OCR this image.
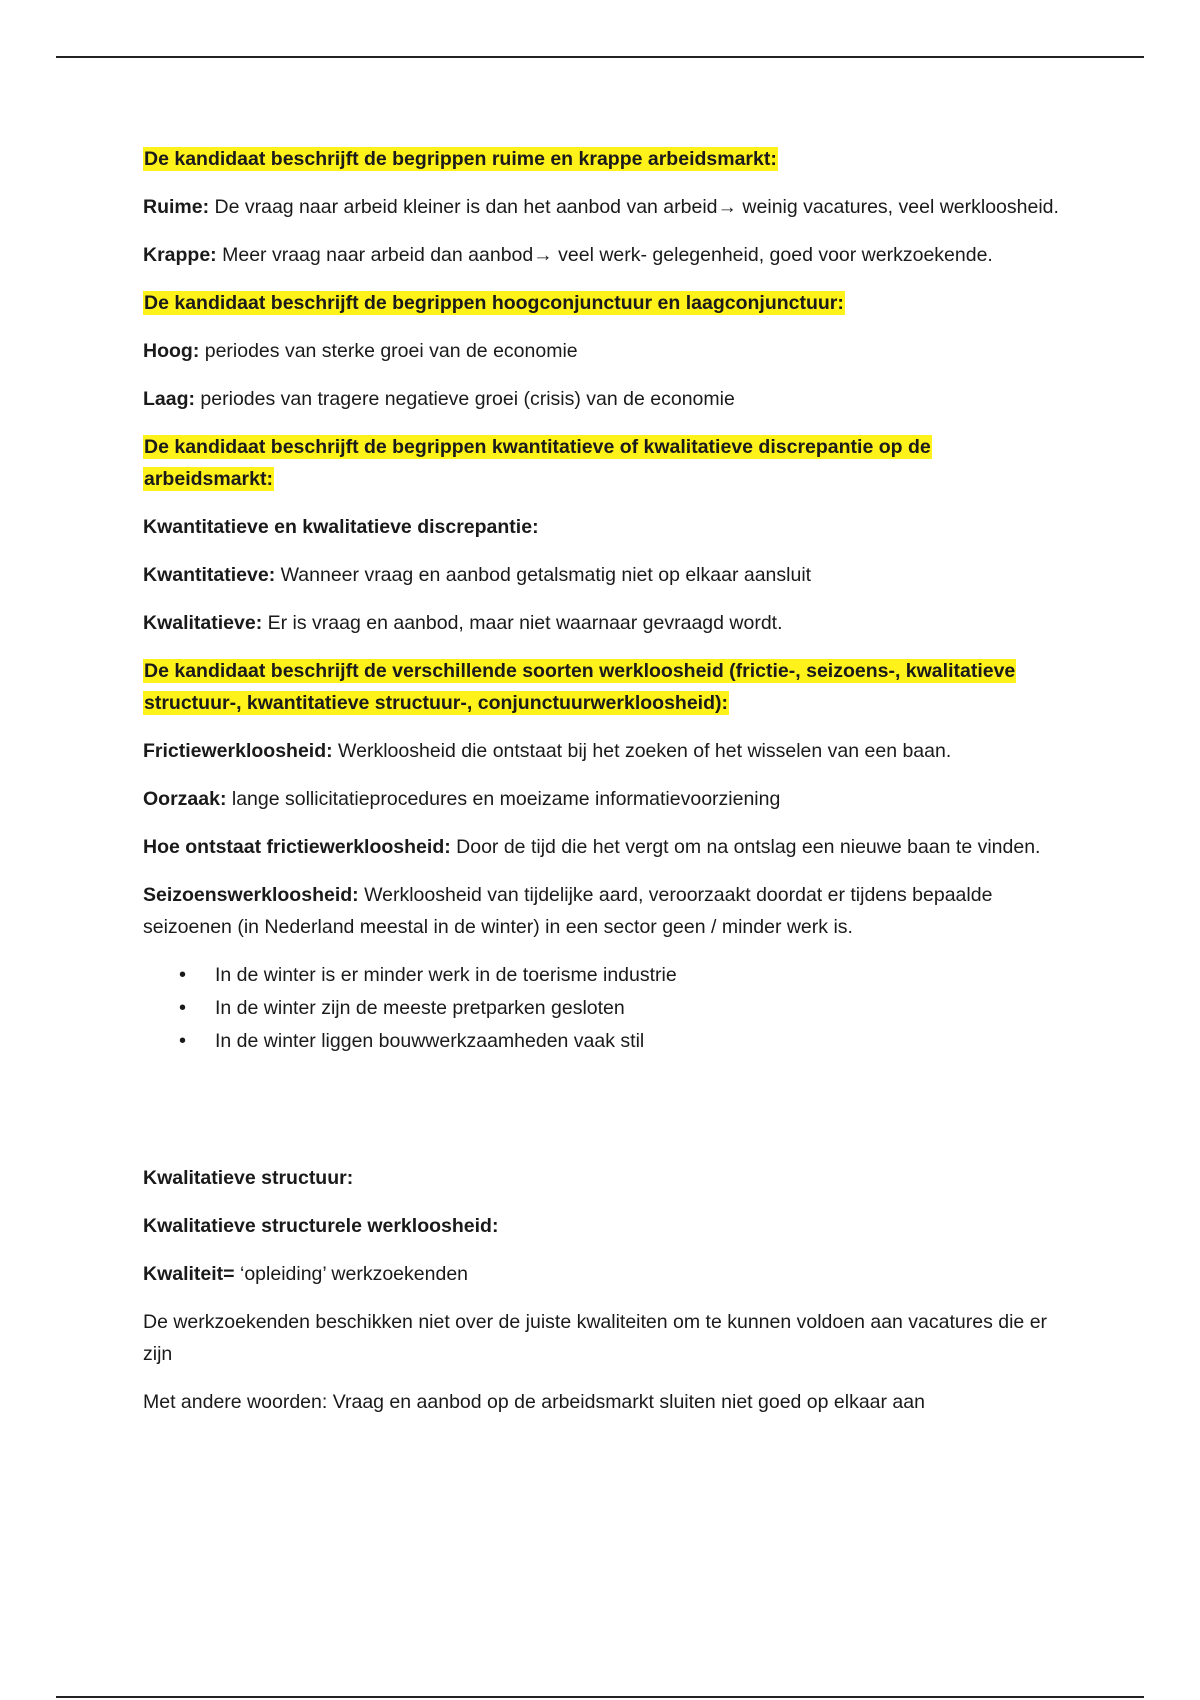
De kandidaat beschrijft de begrippen ruime en krappe arbeidsmarkt:

Ruime: De vraag naar arbeid kleiner is dan het aanbod van arbeid→ weinig vacatures, veel werkloosheid.

Krappe: Meer vraag naar arbeid dan aanbod→ veel werk- gelegenheid, goed voor werkzoekende.

De kandidaat beschrijft de begrippen hoogconjunctuur en laagconjunctuur:

Hoog: periodes van sterke groei van de economie

Laag: periodes van tragere negatieve groei (crisis) van de economie

De kandidaat beschrijft de begrippen kwantitatieve of kwalitatieve discrepantie op de arbeidsmarkt:

Kwantitatieve en kwalitatieve discrepantie:

Kwantitatieve: Wanneer vraag en aanbod getalsmatig niet op elkaar aansluit

Kwalitatieve: Er is vraag en aanbod, maar niet waarnaar gevraagd wordt.

De kandidaat beschrijft de verschillende soorten werkloosheid (frictie-, seizoens-, kwalitatieve structuur-, kwantitatieve structuur-, conjunctuurwerkloosheid):

Frictiewerkloosheid: Werkloosheid die ontstaat bij het zoeken of het wisselen van een baan.

Oorzaak: lange sollicitatieprocedures en moeizame informatievoorziening

Hoe ontstaat frictiewerkloosheid: Door de tijd die het vergt om na ontslag een nieuwe baan te vinden.

Seizoenswerkloosheid: Werkloosheid van tijdelijke aard, veroorzaakt doordat er tijdens bepaalde seizoenen (in Nederland meestal in de winter) in een sector geen / minder werk is.

• In de winter is er minder werk in de toerisme industrie
• In de winter zijn de meeste pretparken gesloten
• In de winter liggen bouwwerkzaamheden vaak stil

Kwalitatieve structuur:

Kwalitatieve structurele werkloosheid:

Kwaliteit= ‘opleiding’ werkzoekenden

De werkzoekenden beschikken niet over de juiste kwaliteiten om te kunnen voldoen aan vacatures die er zijn

Met andere woorden: Vraag en aanbod op de arbeidsmarkt sluiten niet goed op elkaar aan
